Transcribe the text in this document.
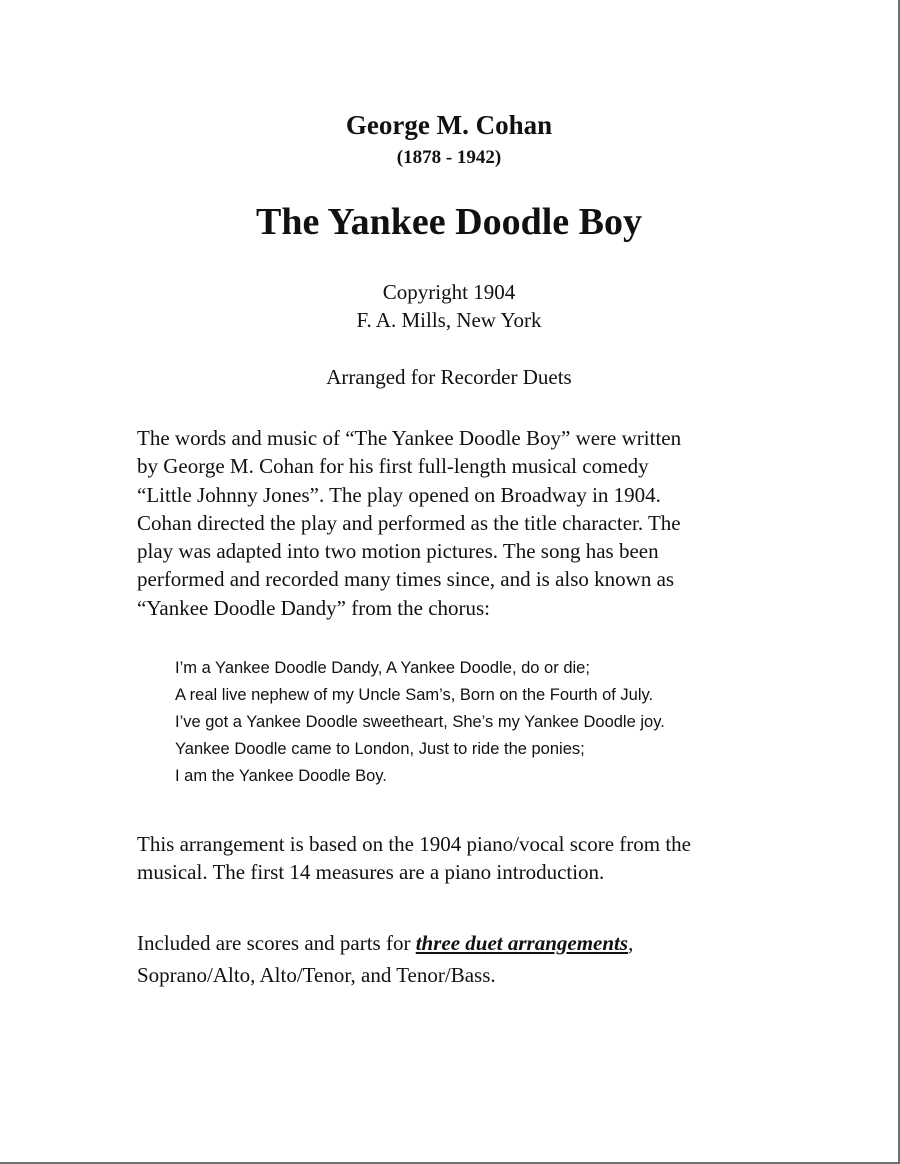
George M. Cohan
(1878 - 1942)
The Yankee Doodle Boy
Copyright 1904
F. A. Mills, New York
Arranged for Recorder Duets
The words and music of “The Yankee Doodle Boy” were written
by George M. Cohan for his first full-length musical comedy
“Little Johnny Jones”. The play opened on Broadway in 1904.
Cohan directed the play and performed as the title character. The
play was adapted into two motion pictures. The song has been
performed and recorded many times since, and is also known as
“Yankee Doodle Dandy” from the chorus:
I’m a Yankee Doodle Dandy, A Yankee Doodle, do or die;
A real live nephew of my Uncle Sam’s, Born on the Fourth of July.
I’ve got a Yankee Doodle sweetheart, She’s my Yankee Doodle joy.
Yankee Doodle came to London, Just to ride the ponies;
I am the Yankee Doodle Boy.
This arrangement is based on the 1904 piano/vocal score from the
musical. The first 14 measures are a piano introduction.
Included are scores and parts for three duet arrangements,
Soprano/Alto, Alto/Tenor, and Tenor/Bass.
